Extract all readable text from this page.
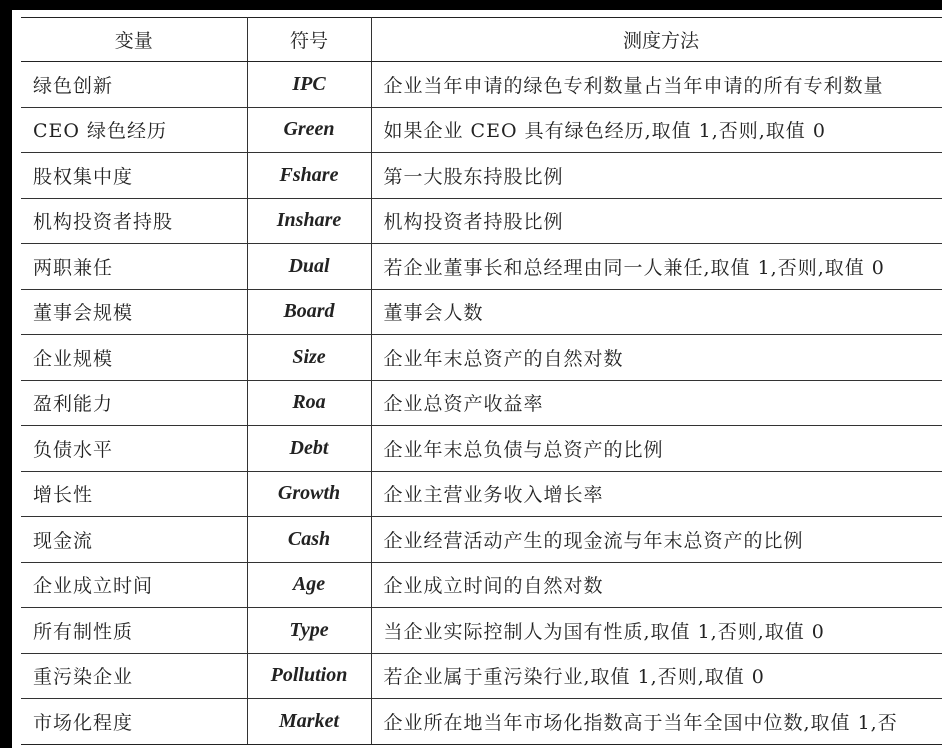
变量	符号	测度方法
绿色创新	IPC	企业当年申请的绿色专利数量占当年申请的所有专利数量
CEO 绿色经历	Green	如果企业 CEO 具有绿色经历,取值 1,否则,取值 0
股权集中度	Fshare	第一大股东持股比例
机构投资者持股	Inshare	机构投资者持股比例
两职兼任	Dual	若企业董事长和总经理由同一人兼任,取值 1,否则,取值 0
董事会规模	Board	董事会人数
企业规模	Size	企业年末总资产的自然对数
盈利能力	Roa	企业总资产收益率
负债水平	Debt	企业年末总负债与总资产的比例
增长性	Growth	企业主营业务收入增长率
现金流	Cash	企业经营活动产生的现金流与年末总资产的比例
企业成立时间	Age	企业成立时间的自然对数
所有制性质	Type	当企业实际控制人为国有性质,取值 1,否则,取值 0
重污染企业	Pollution	若企业属于重污染行业,取值 1,否则,取值 0
市场化程度	Market	企业所在地当年市场化指数高于当年全国中位数,取值 1,否
